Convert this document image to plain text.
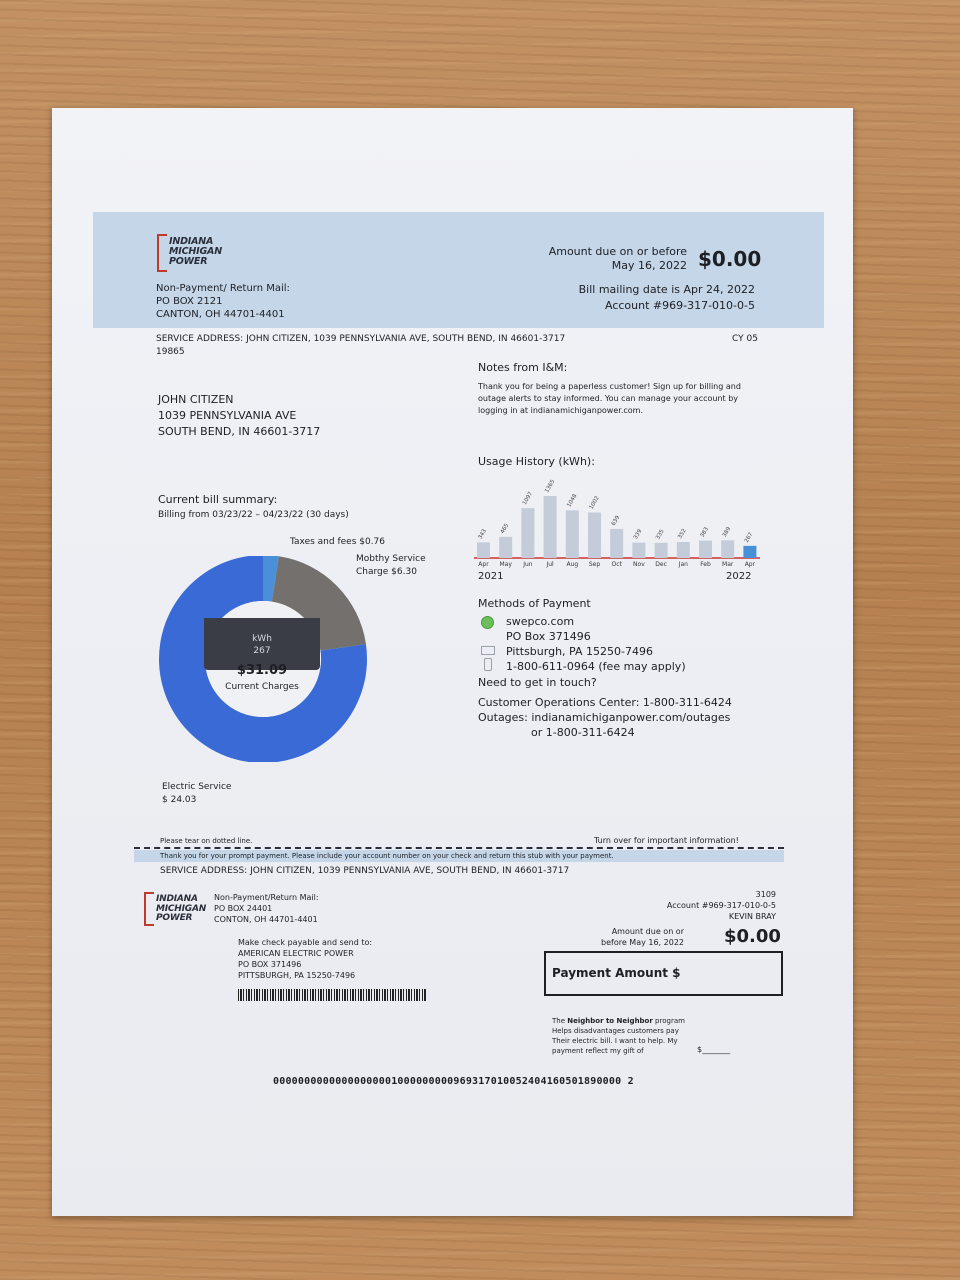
INDIANA
MICHIGAN
POWER
Non-Payment/ Return Mail:
PO BOX 2121
CANTON, OH 44701-4401
Amount due on or before
May 16, 2022 $0.00
Bill mailing date is Apr 24, 2022
Account #969-317-010-0-5
SERVICE ADDRESS: JOHN CITIZEN, 1039 PENNSYLVANIA AVE, SOUTH BEND, IN 46601-3717
19865
CY 05
JOHN CITIZEN
1039 PENNSYLVANIA AVE
SOUTH BEND, IN 46601-3717
Notes from I&M:
Thank you for being a paperless customer! Sign up for billing and
outage alerts to stay informed. You can manage your account by
logging in at indianamichiganpower.com.
Usage History (kWh):
343
Apr
465
May
1097
Jun
1365
Jul
1048
Aug
1002
Sep
639
Oct
339
Nov
335
Dec
352
Jan
383
Feb
389
Mar
267
Apr
2021	2022
Current bill summary:
Billing from 03/23/22 – 04/23/22 (30 days)
Taxes and fees $0.76
Mobthy Service
Charge $6.30
kWh
267
$31.09
Current Charges
Electric Service
$ 24.03
Methods of Payment
swepco.com
PO Box 371496
Pittsburgh, PA 15250-7496
1-800-611-0964 (fee may apply)
Need to get in touch?
Customer Operations Center: 1-800-311-6424
Outages: indianamichiganpower.com/outages
or 1-800-311-6424
Please tear on dotted line.	Turn over for important information!
Thank you for your prompt payment. Please include your account number on your check and return this stub with your payment.
SERVICE ADDRESS: JOHN CITIZEN, 1039 PENNSYLVANIA AVE, SOUTH BEND, IN 46601-3717
INDIANA
MICHIGAN
POWER
Non-Payment/Return Mail:
PO BOX 24401
CONTON, OH 44701-4401
Make check payable and send to:
AMERICAN ELECTRIC POWER
PO BOX 371496
PITTSBURGH, PA 15250-7496
3109
Account #969-317-010-0-5
KEVIN BRAY
Amount due on or
before May 16, 2022 $0.00
Payment Amount $
The Neighbor to Neighbor program
Helps disadvantages customers pay
Their electric bill. I want to help. My
payment reflect my gift of	$_______
00000000000000000001000000000969317010052404160501890000 2
